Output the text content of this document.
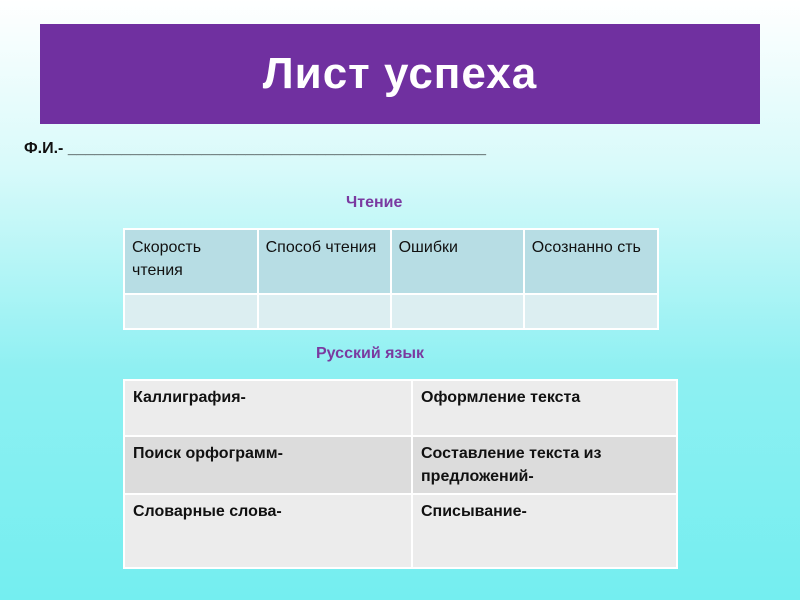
Лист успеха
Ф.И.- _______________________________________________
Чтение
Скорость чтения	Способ чтения	Ошибки	Осознанно сть

Русский язык
Каллиграфия-	Оформление текста
Поиск орфограмм-	Составление текста из предложений-
Словарные слова-	Списывание-
